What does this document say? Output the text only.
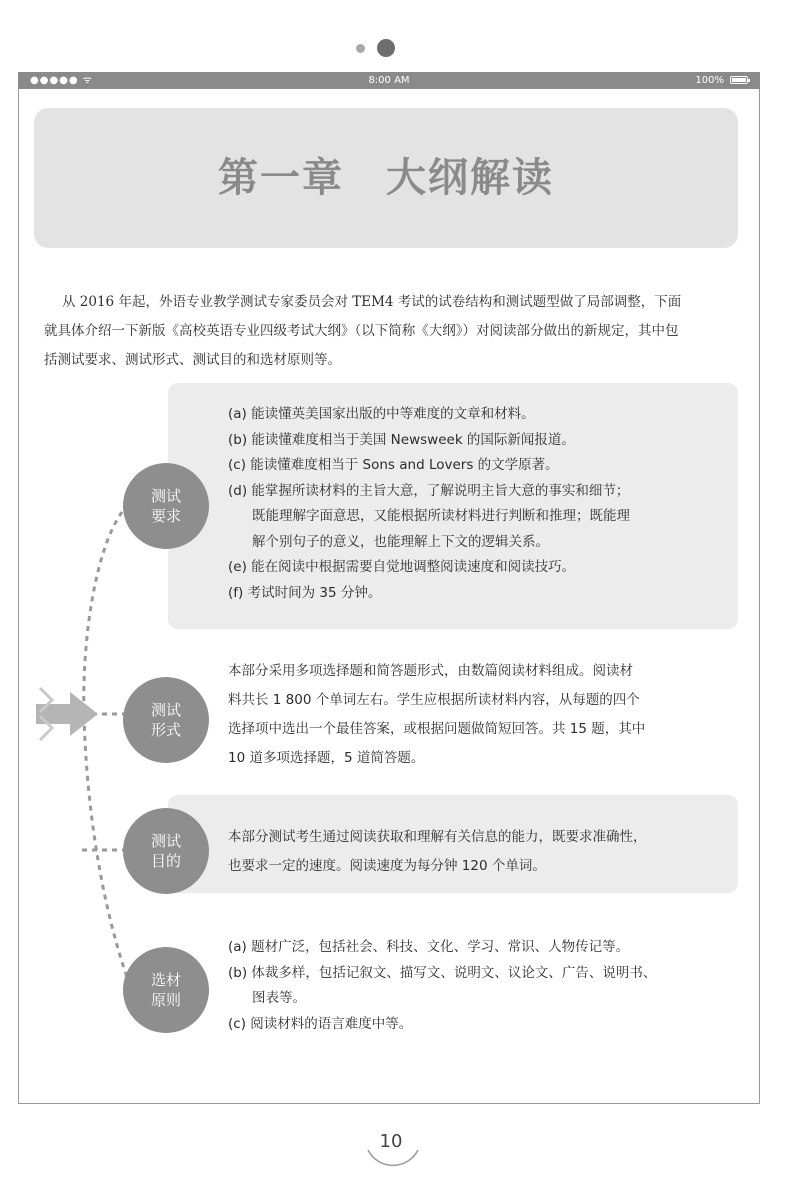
●●●●● ᯤ	8:00 AM	100%
第一章　大纲解读

从 2016 年起，外语专业教学测试专家委员会对 TEM4 考试的试卷结构和测试题型做了局部调整，下面

就具体介绍一下新版《高校英语专业四级考试大纲》（以下简称《大纲》）对阅读部分做出的新规定，其中包

括测试要求、测试形式、测试目的和选材原则等。

测试
要求
测试
形式
测试
目的
选材
原则
(a) 能读懂英美国家出版的中等难度的文章和材料。
(b) 能读懂难度相当于美国 Newsweek 的国际新闻报道。
(c) 能读懂难度相当于 Sons and Lovers 的文学原著。
(d) 能掌握所读材料的主旨大意，了解说明主旨大意的事实和细节；
既能理解字面意思，又能根据所读材料进行判断和推理；既能理
解个别句子的意义，也能理解上下文的逻辑关系。
(e) 能在阅读中根据需要自觉地调整阅读速度和阅读技巧。
(f) 考试时间为 35 分钟。
本部分采用多项选择题和简答题形式，由数篇阅读材料组成。阅读材
料共长 1 800 个单词左右。学生应根据所读材料内容，从每题的四个
选择项中选出一个最佳答案，或根据问题做简短回答。共 15 题，其中
10 道多项选择题，5 道简答题。
本部分测试考生通过阅读获取和理解有关信息的能力，既要求准确性，
也要求一定的速度。阅读速度为每分钟 120 个单词。
(a) 题材广泛，包括社会、科技、文化、学习、常识、人物传记等。
(b) 体裁多样，包括记叙文、描写文、说明文、议论文、广告、说明书、
图表等。
(c) 阅读材料的语言难度中等。
10
